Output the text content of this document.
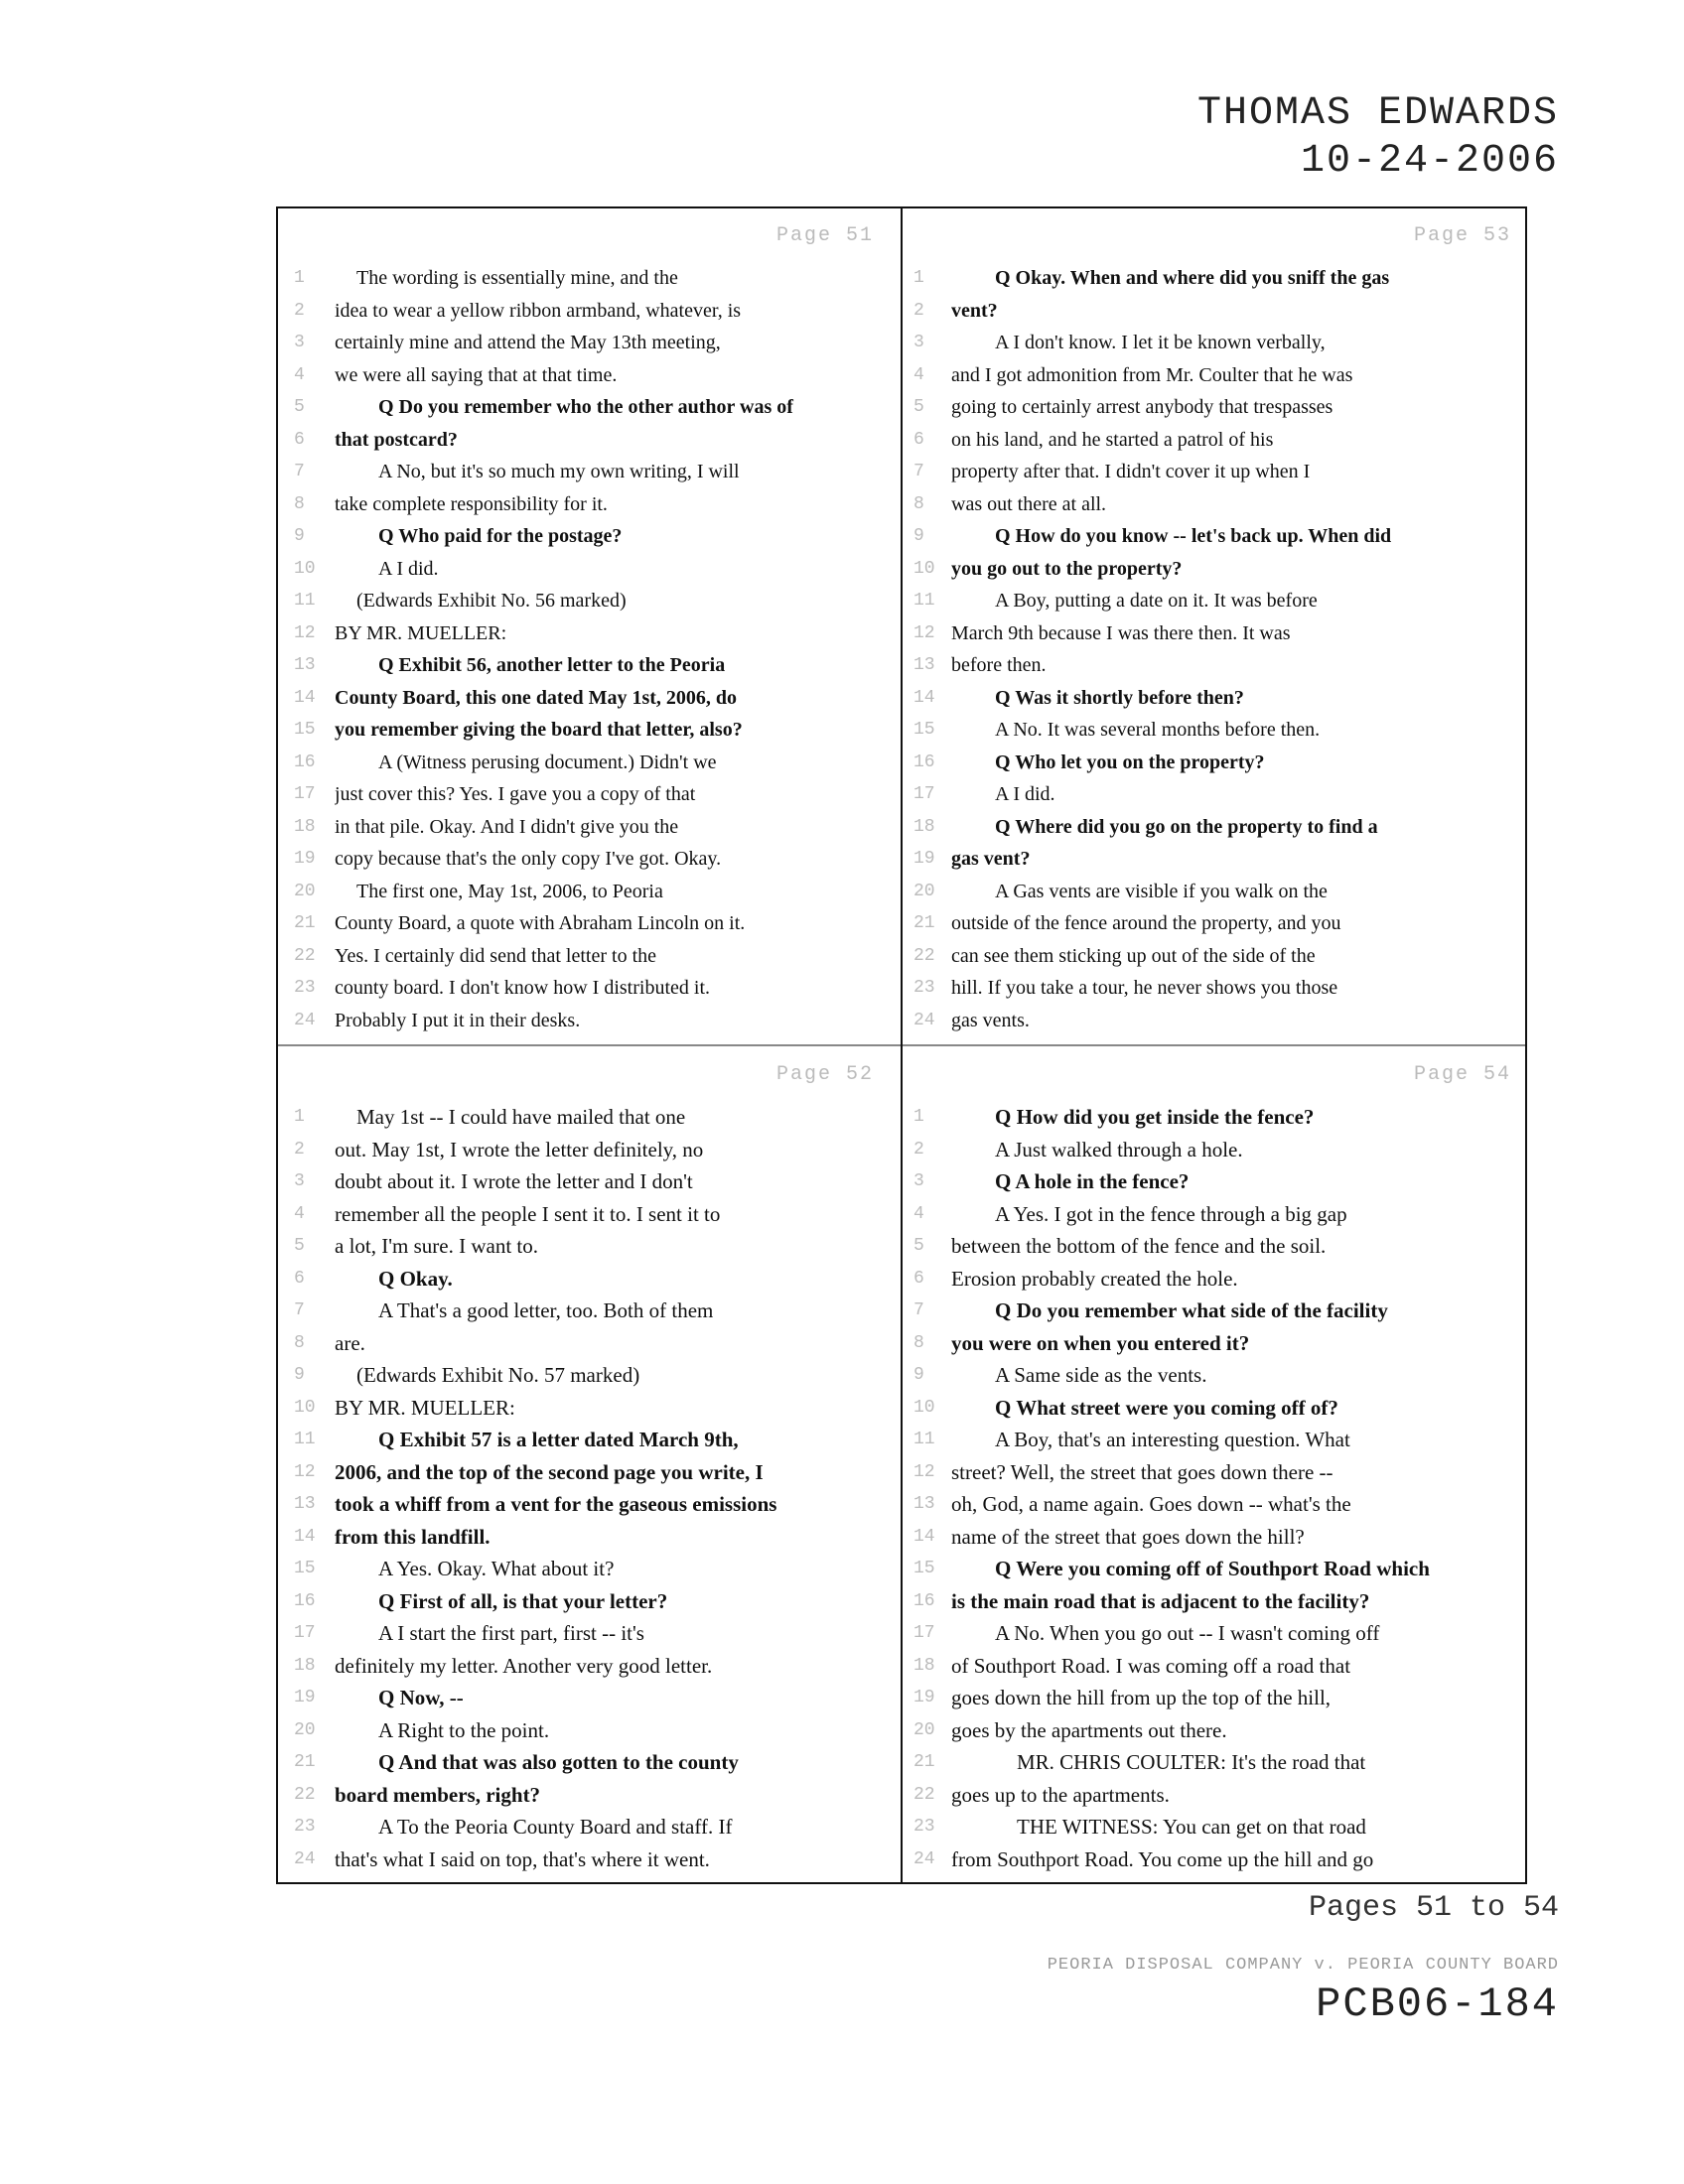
THOMAS EDWARDS
10-24-2006
Page 51
1	The wording is essentially mine, and the
2	idea to wear a yellow ribbon armband, whatever, is
3	certainly mine and attend the May 13th meeting,
4	we were all saying that at that time.
5	Q Do you remember who the other author was of
6	that postcard?
7	A No, but it's so much my own writing, I will
8	take complete responsibility for it.
9	Q Who paid for the postage?
10	A I did.
11	(Edwards Exhibit No. 56 marked)
12 BY MR. MUELLER:
13	Q Exhibit 56, another letter to the Peoria
14 County Board, this one dated May 1st, 2006, do
15 you remember giving the board that letter, also?
16	A (Witness perusing document.) Didn't we
17 just cover this? Yes. I gave you a copy of that
18 in that pile. Okay. And I didn't give you the
19 copy because that's the only copy I've got. Okay.
20	The first one, May 1st, 2006, to Peoria
21 County Board, a quote with Abraham Lincoln on it.
22 Yes. I certainly did send that letter to the
23 county board. I don't know how I distributed it.
24 Probably I put it in their desks.
Page 53
1	Q Okay. When and where did you sniff the gas
2	vent?
3	A I don't know. I let it be known verbally,
4	and I got admonition from Mr. Coulter that he was
5	going to certainly arrest anybody that trespasses
6	on his land, and he started a patrol of his
7	property after that. I didn't cover it up when I
8	was out there at all.
9	Q How do you know -- let's back up. When did
10 you go out to the property?
11	A Boy, putting a date on it. It was before
12 March 9th because I was there then. It was
13 before then.
14	Q Was it shortly before then?
15	A No. It was several months before then.
16	Q Who let you on the property?
17	A I did.
18	Q Where did you go on the property to find a
19 gas vent?
20	A Gas vents are visible if you walk on the
21 outside of the fence around the property, and you
22 can see them sticking up out of the side of the
23 hill. If you take a tour, he never shows you those
24 gas vents.
Page 52
1	May 1st -- I could have mailed that one
2	out. May 1st, I wrote the letter definitely, no
3	doubt about it. I wrote the letter and I don't
4	remember all the people I sent it to. I sent it to
5	a lot, I'm sure. I want to.
6	Q Okay.
7	A That's a good letter, too. Both of them
8	are.
9	(Edwards Exhibit No. 57 marked)
10 BY MR. MUELLER:
11	Q Exhibit 57 is a letter dated March 9th,
12 2006, and the top of the second page you write, I
13 took a whiff from a vent for the gaseous emissions
14 from this landfill.
15	A Yes. Okay. What about it?
16	Q First of all, is that your letter?
17	A I start the first part, first -- it's
18 definitely my letter. Another very good letter.
19	Q Now, --
20	A Right to the point.
21	Q And that was also gotten to the county
22 board members, right?
23	A To the Peoria County Board and staff. If
24 that's what I said on top, that's where it went.
Page 54
1	Q How did you get inside the fence?
2	A Just walked through a hole.
3	Q A hole in the fence?
4	A Yes. I got in the fence through a big gap
5	between the bottom of the fence and the soil.
6	Erosion probably created the hole.
7	Q Do you remember what side of the facility
8	you were on when you entered it?
9	A Same side as the vents.
10	Q What street were you coming off of?
11	A Boy, that's an interesting question. What
12 street? Well, the street that goes down there --
13 oh, God, a name again. Goes down -- what's the
14 name of the street that goes down the hill?
15	Q Were you coming off of Southport Road which
16 is the main road that is adjacent to the facility?
17	A No. When you go out -- I wasn't coming off
18 of Southport Road. I was coming off a road that
19 goes down the hill from up the top of the hill,
20 goes by the apartments out there.
21	MR. CHRIS COULTER: It's the road that
22 goes up to the apartments.
23	THE WITNESS: You can get on that road
24 from Southport Road. You come up the hill and go
Pages 51 to 54
PEORIA DISPOSAL COMPANY v. PEORIA COUNTY BOARD
PCB06-184
